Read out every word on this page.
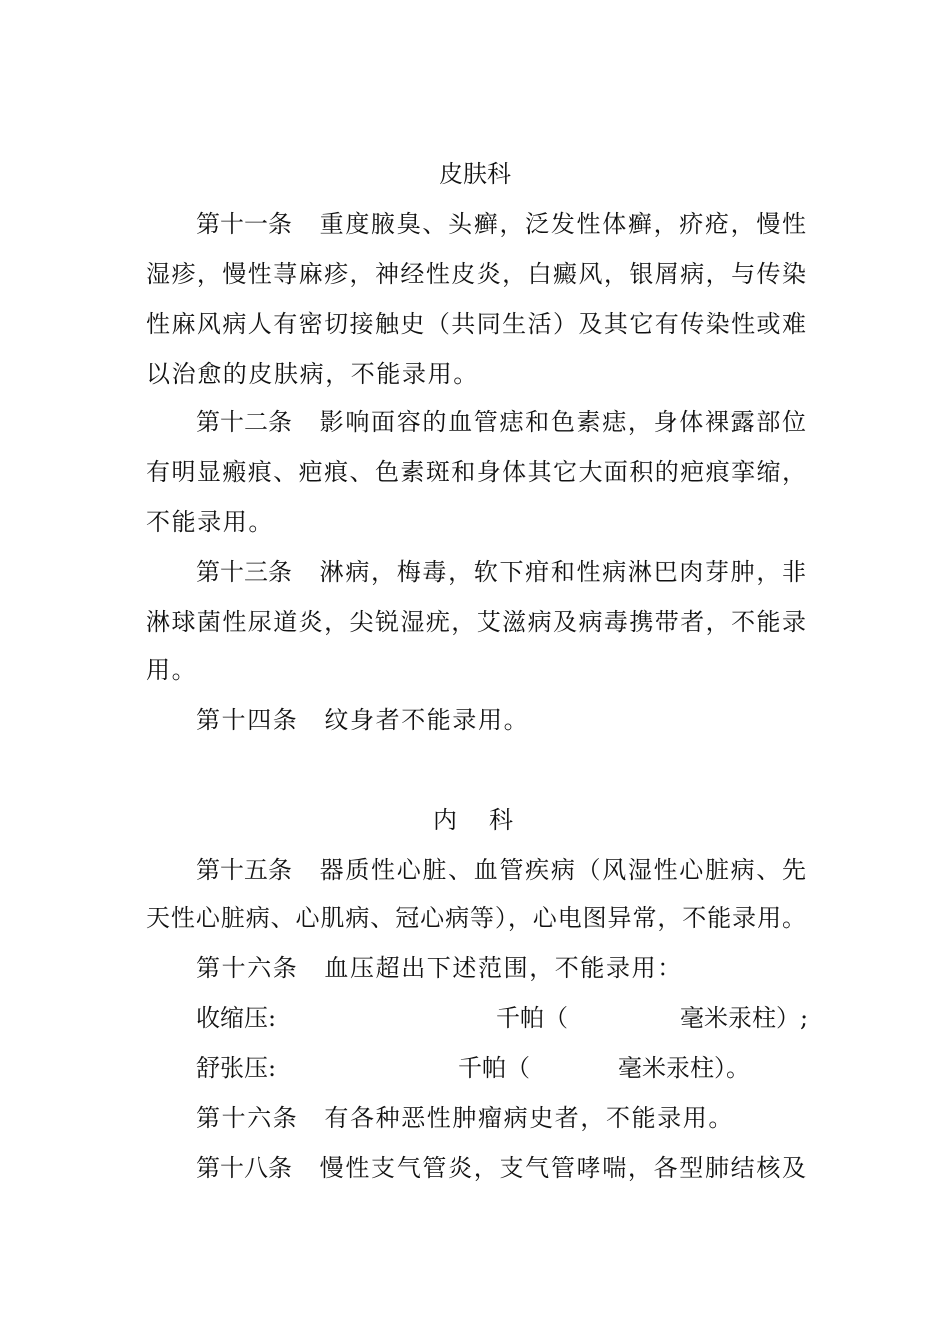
皮肤科
第十一条 重度腋臭、头癣，泛发性体癣，疥疮，慢性
湿疹，慢性荨麻疹，神经性皮炎，白癜风，银屑病，与传染
性麻风病人有密切接触史（共同生活）及其它有传染性或难
以治愈的皮肤病，不能录用。
第十二条 影响面容的血管痣和色素痣，身体裸露部位
有明显瘢痕、疤痕、色素斑和身体其它大面积的疤痕挛缩，
不能录用。
第十三条 淋病，梅毒，软下疳和性病淋巴肉芽肿，非
淋球菌性尿道炎，尖锐湿疣，艾滋病及病毒携带者，不能录
用。
第十四条 纹身者不能录用。
内　科
第十五条 器质性心脏、血管疾病（风湿性心脏病、先
天性心脏病、心肌病、冠心病等），心电图异常，不能录用。
第十六条 血压超出下述范围，不能录用：
收缩压:	千帕（	毫米汞柱）;
舒张压:	千帕（	毫米汞柱）。
第十六条 有各种恶性肿瘤病史者，不能录用。
第十八条 慢性支气管炎，支气管哮喘，各型肺结核及
